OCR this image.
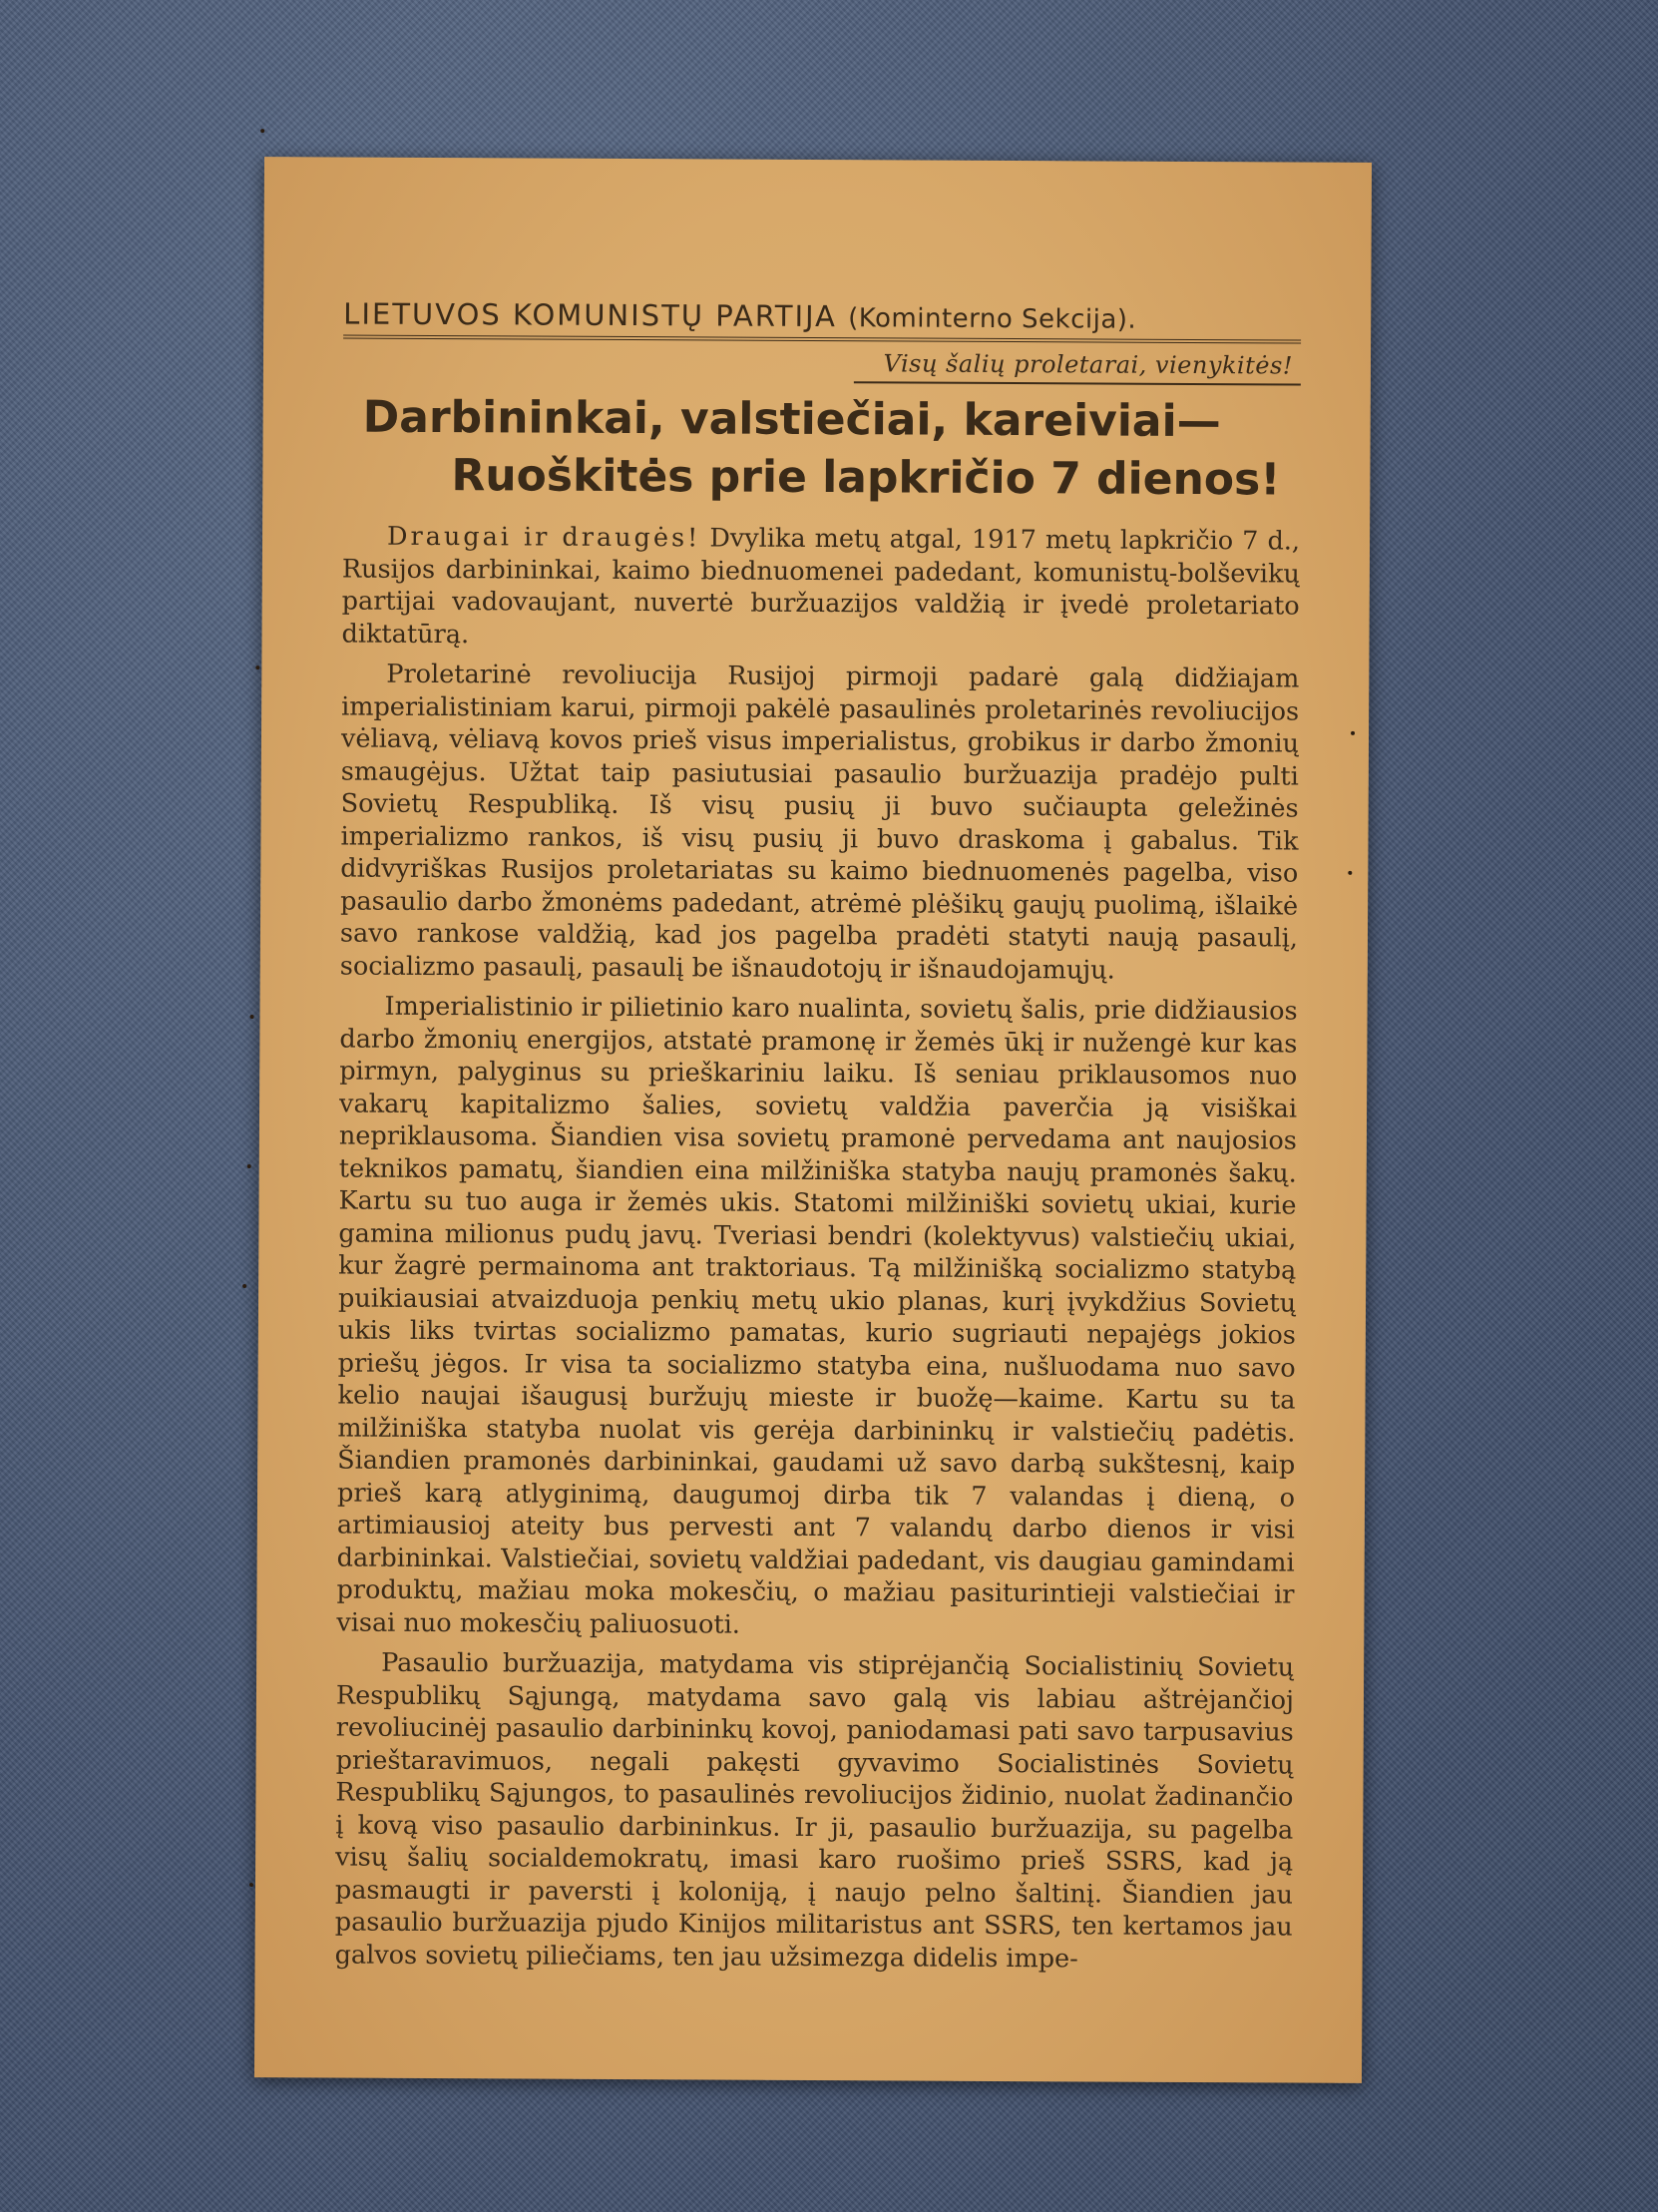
LIETUVOS KOMUNISTŲ PARTIJA (Kominterno Sekcija).
Visų šalių proletarai, vienykitės!
Darbininkai, valstiečiai, kareiviai—
Ruoškitės prie lapkričio 7 dienos!

Draugai ir draugės! Dvylika metų atgal, 1917 metų lapkričio 7 d., Rusijos darbininkai, kaimo biednuomenei padedant, komunistų-bolševikų partijai vadovaujant, nuvertė buržuazijos valdžią ir įvedė proletariato diktatūrą.

Proletarinė revoliucija Rusijoj pirmoji padarė galą didžiajam imperialistiniam karui, pirmoji pakėlė pasaulinės proletarinės revoliucijos vėliavą, vėliavą kovos prieš visus imperialistus, grobikus ir darbo žmonių smaugėjus. Užtat taip pasiutusiai pasaulio buržuazija pradėjo pulti Sovietų Respubliką. Iš visų pusių ji buvo sučiaupta geležinės imperializmo rankos, iš visų pusių ji buvo draskoma į gabalus. Tik didvyriškas Rusijos proletariatas su kaimo biednuomenės pagelba, viso pasaulio darbo žmonėms padedant, atrėmė plėšikų gaujų puolimą, išlaikė savo rankose valdžią, kad jos pagelba pradėti statyti naują pasaulį, socializmo pasaulį, pasaulį be išnaudotojų ir išnaudojamųjų.

Imperialistinio ir pilietinio karo nualinta, sovietų šalis, prie didžiausios darbo žmonių energijos, atstatė pramonę ir žemės ūkį ir nužengė kur kas pirmyn, palyginus su prieškariniu laiku. Iš seniau priklausomos nuo vakarų kapitalizmo šalies, sovietų valdžia paverčia ją visiškai nepriklausoma. Šiandien visa sovietų pramonė pervedama ant naujosios teknikos pamatų, šiandien eina milžiniška statyba naujų pramonės šakų. Kartu su tuo auga ir žemės ukis. Statomi milžiniški sovietų ukiai, kurie gamina milionus pudų javų. Tveriasi bendri (kolektyvus) valstiečių ukiai, kur žagrė permainoma ant traktoriaus. Tą milžinišką socializmo statybą puikiausiai atvaizduoja penkių metų ukio planas, kurį įvykdžius Sovietų ukis liks tvirtas socializmo pamatas, kurio sugriauti nepajėgs jokios priešų jėgos. Ir visa ta socializmo statyba eina, nušluodama nuo savo kelio naujai išaugusį buržujų mieste ir buožę—kaime. Kartu su ta milžiniška statyba nuolat vis gerėja darbininkų ir valstiečių padėtis. Šiandien pramonės darbininkai, gaudami už savo darbą sukštesnį, kaip prieš karą atlyginimą, daugumoj dirba tik 7 valandas į dieną, o artimiausioj ateity bus pervesti ant 7 valandų darbo dienos ir visi darbininkai. Valstiečiai, sovietų valdžiai padedant, vis daugiau gamindami produktų, mažiau moka mokesčių, o mažiau pasiturintieji valstiečiai ir visai nuo mokesčių paliuosuoti.

Pasaulio buržuazija, matydama vis stiprėjančią Socialistinių Sovietų Respublikų Sąjungą, matydama savo galą vis labiau aštrėjančioj revoliucinėj pasaulio darbininkų kovoj, paniodamasi pati savo tarpusavius prieštaravimuos, negali pakęsti gyvavimo Socialistinės Sovietų Respublikų Sąjungos, to pasaulinės revoliucijos židinio, nuolat žadinančio į kovą viso pasaulio darbininkus. Ir ji, pasaulio buržuazija, su pagelba visų šalių socialdemokratų, imasi karo ruošimo prieš SSRS, kad ją pasmaugti ir paversti į koloniją, į naujo pelno šaltinį. Šiandien jau pasaulio buržuazija pjudo Kinijos militaristus ant SSRS, ten kertamos jau galvos sovietų piliečiams, ten jau užsimezga didelis impe-
